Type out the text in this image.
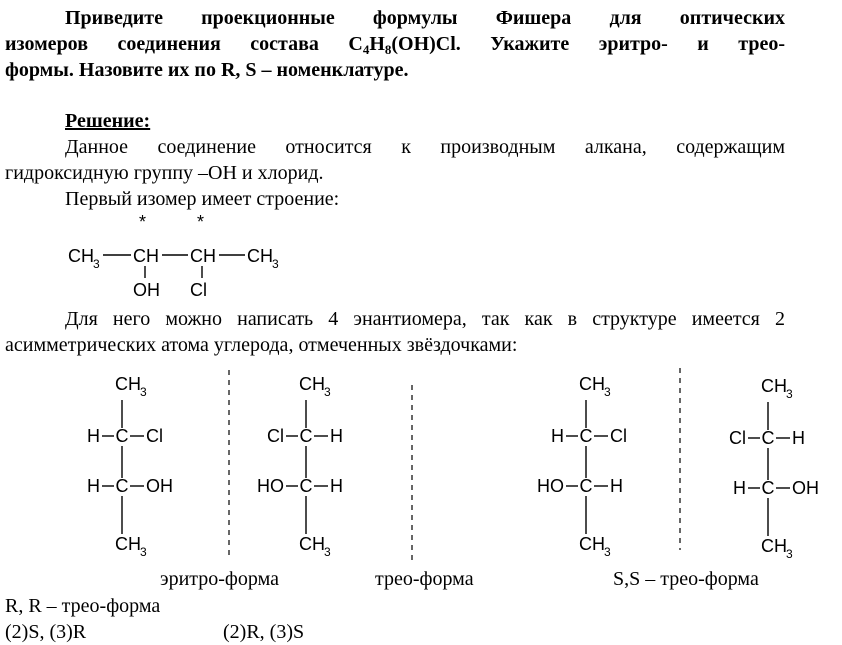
Приведите проекционные формулы Фишера для оптических
изомеров соединения состава $C_4H_8(OH)Cl$. Укажите эритро- и трео-
формы. Назовите их по R, S – номенклатуре.
Решение:
Данное соединение относится к производным алкана, содержащим
гидроксидную группу –OH и хлорид.
Первый изомер имеет строение:
*	*
CH 3 CH CH CH 3
OH Cl
Для него можно написать 4 энантиомера, так как в структуре имеется 2
асимметрических атома углерода, отмеченных звёздочками:
CH 3
H C Cl
H C OH
CH 3
CH 3
Cl C H
HO C H
CH 3
CH 3
H C Cl
HO C H
CH 3
CH 3
Cl C H
H C OH
CH 3
эритро-форма	трео-форма	S,S – трео-форма
R, R – трео-форма
(2)S, (3)R	(2)R, (3)S
